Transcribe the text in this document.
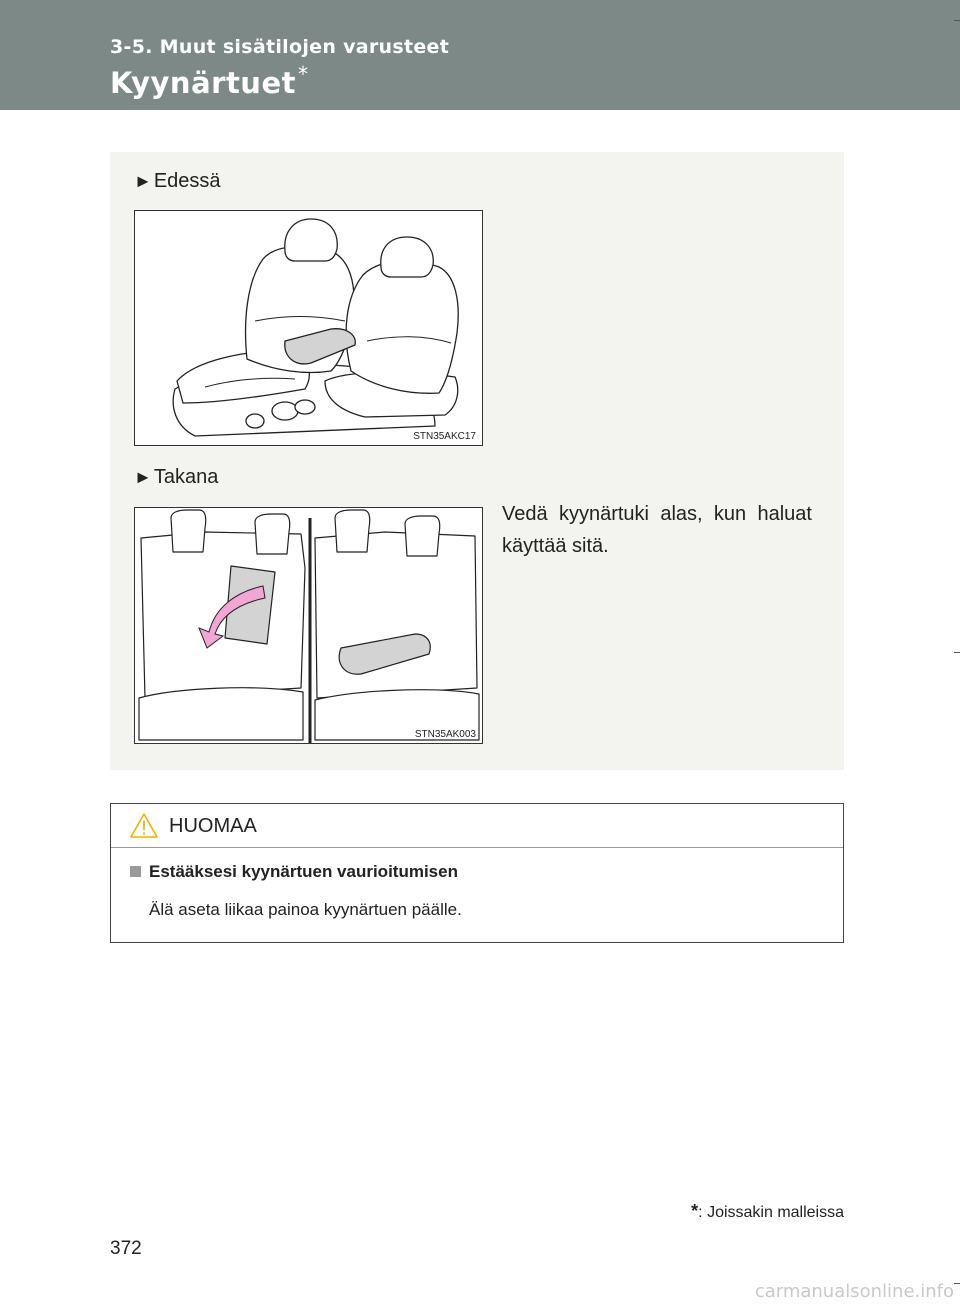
3-5. Muut sisätilojen varusteet
Kyynärtuet *
► Edessä
STN35AKC17
► Takana
STN35AK003
Vedä kyynärtuki alas, kun haluat käyttää sitä.
HUOMAA
Estääksesi kyynärtuen vaurioitumisen
Älä aseta liikaa painoa kyynärtuen päälle.
*: Joissakin malleissa
372
carmanualsonline.info
